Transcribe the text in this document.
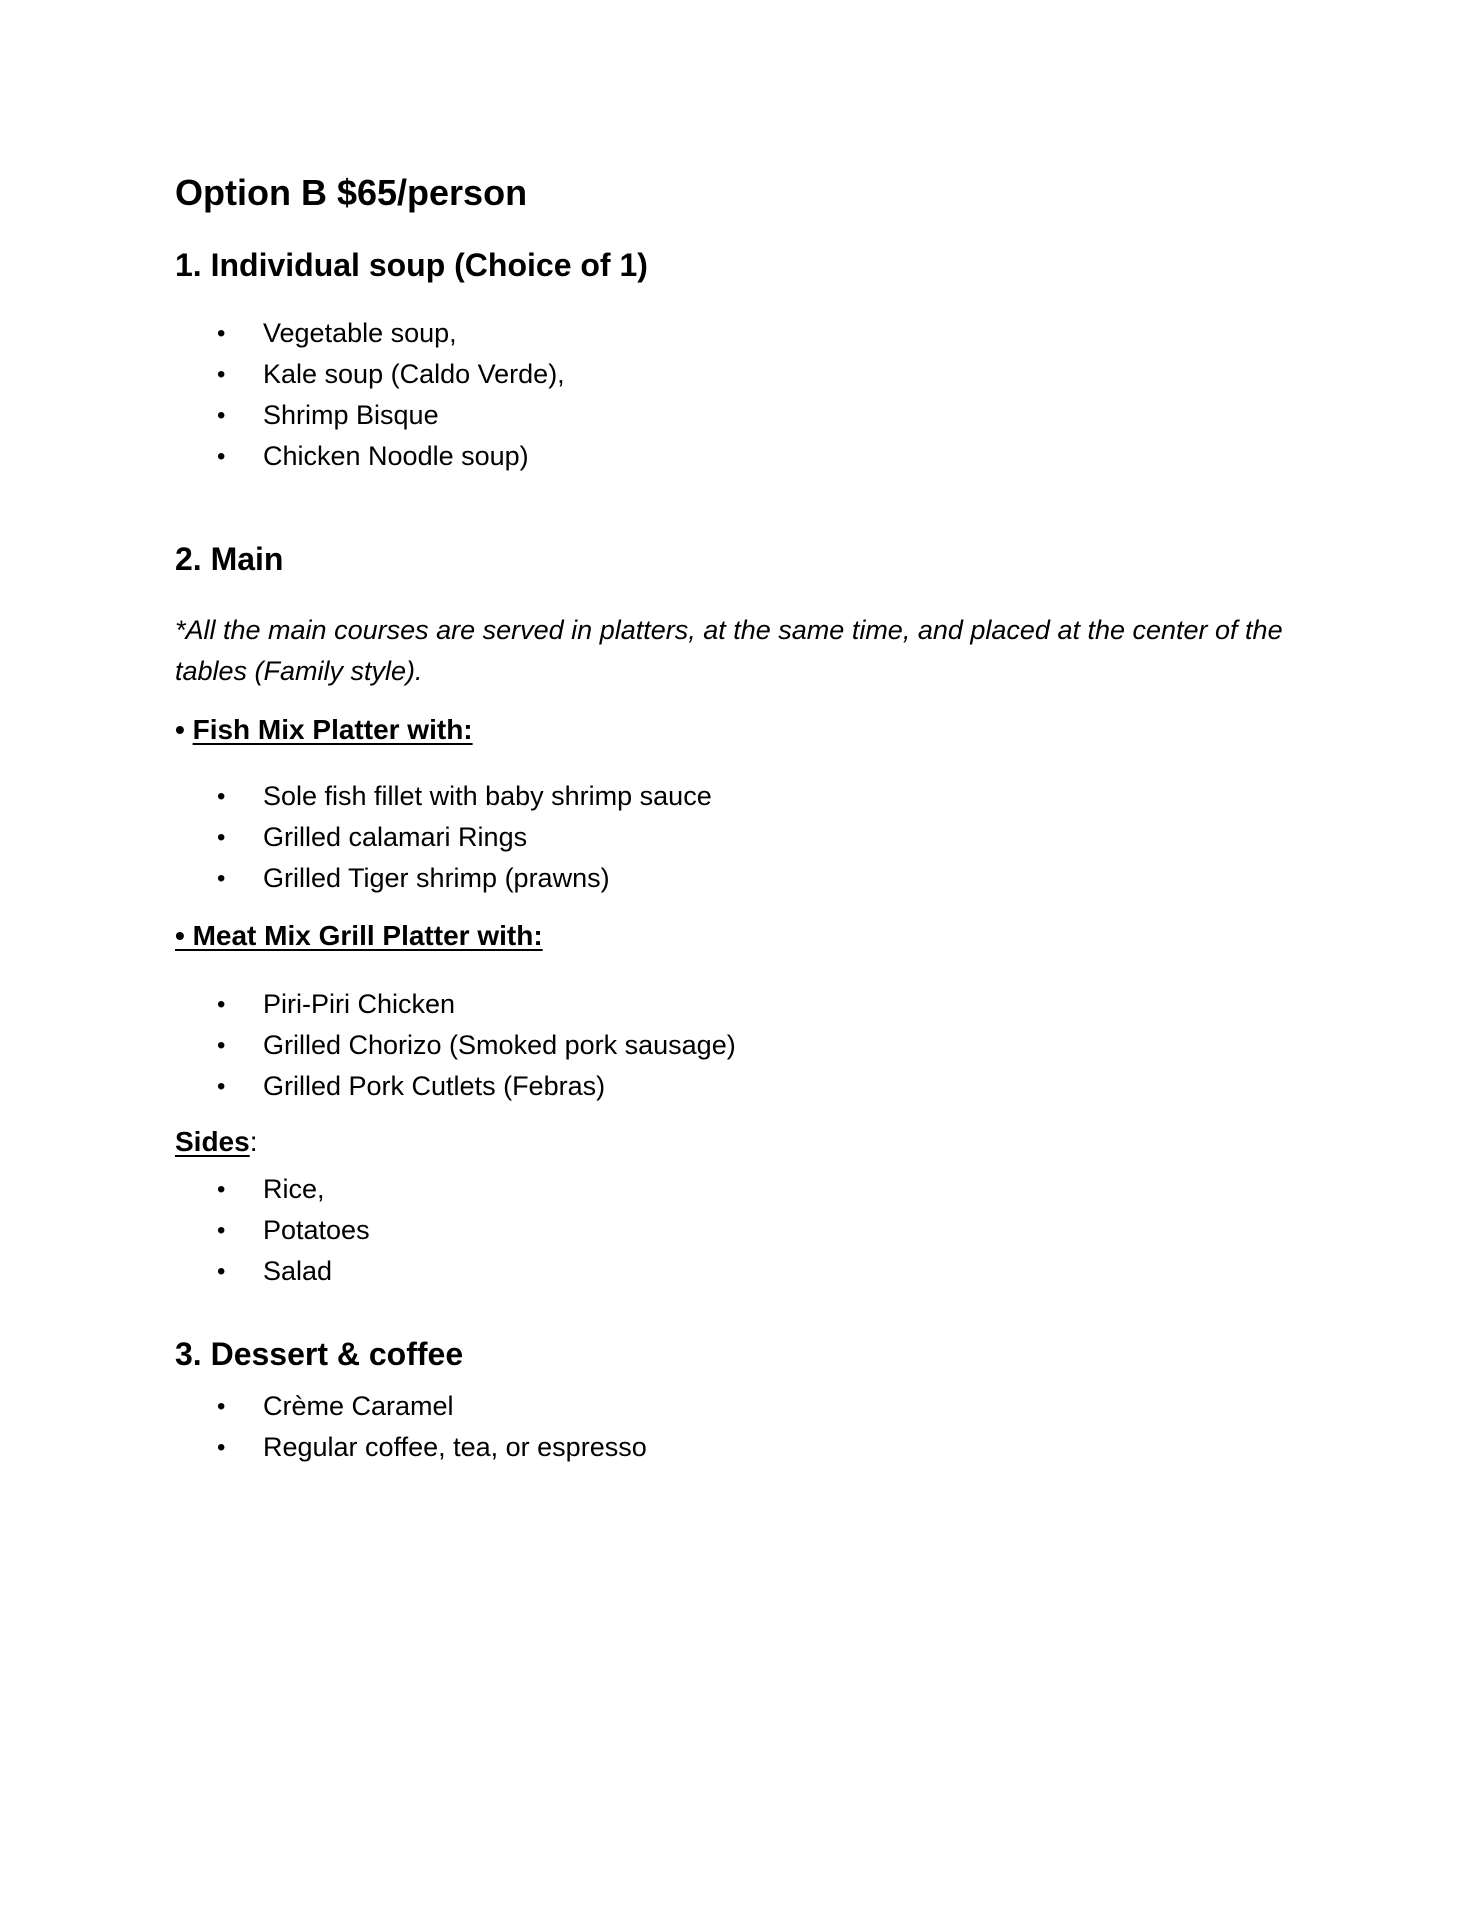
Option B $65/person
1. Individual soup (Choice of 1)
• Vegetable soup,
• Kale soup (Caldo Verde),
• Shrimp Bisque
• Chicken Noodle soup)
2. Main

*All the main courses are served in platters, at the same time, and placed at the center of the tables (Family style).

• Fish Mix Platter with:

• Sole fish fillet with baby shrimp sauce
• Grilled calamari Rings
• Grilled Tiger shrimp (prawns)

• Meat Mix Grill Platter with:

• Piri-Piri Chicken
• Grilled Chorizo (Smoked pork sausage)
• Grilled Pork Cutlets (Febras)

Sides:

• Rice,
• Potatoes
• Salad
3. Dessert & coffee
• Crème Caramel
• Regular coffee, tea, or espresso
